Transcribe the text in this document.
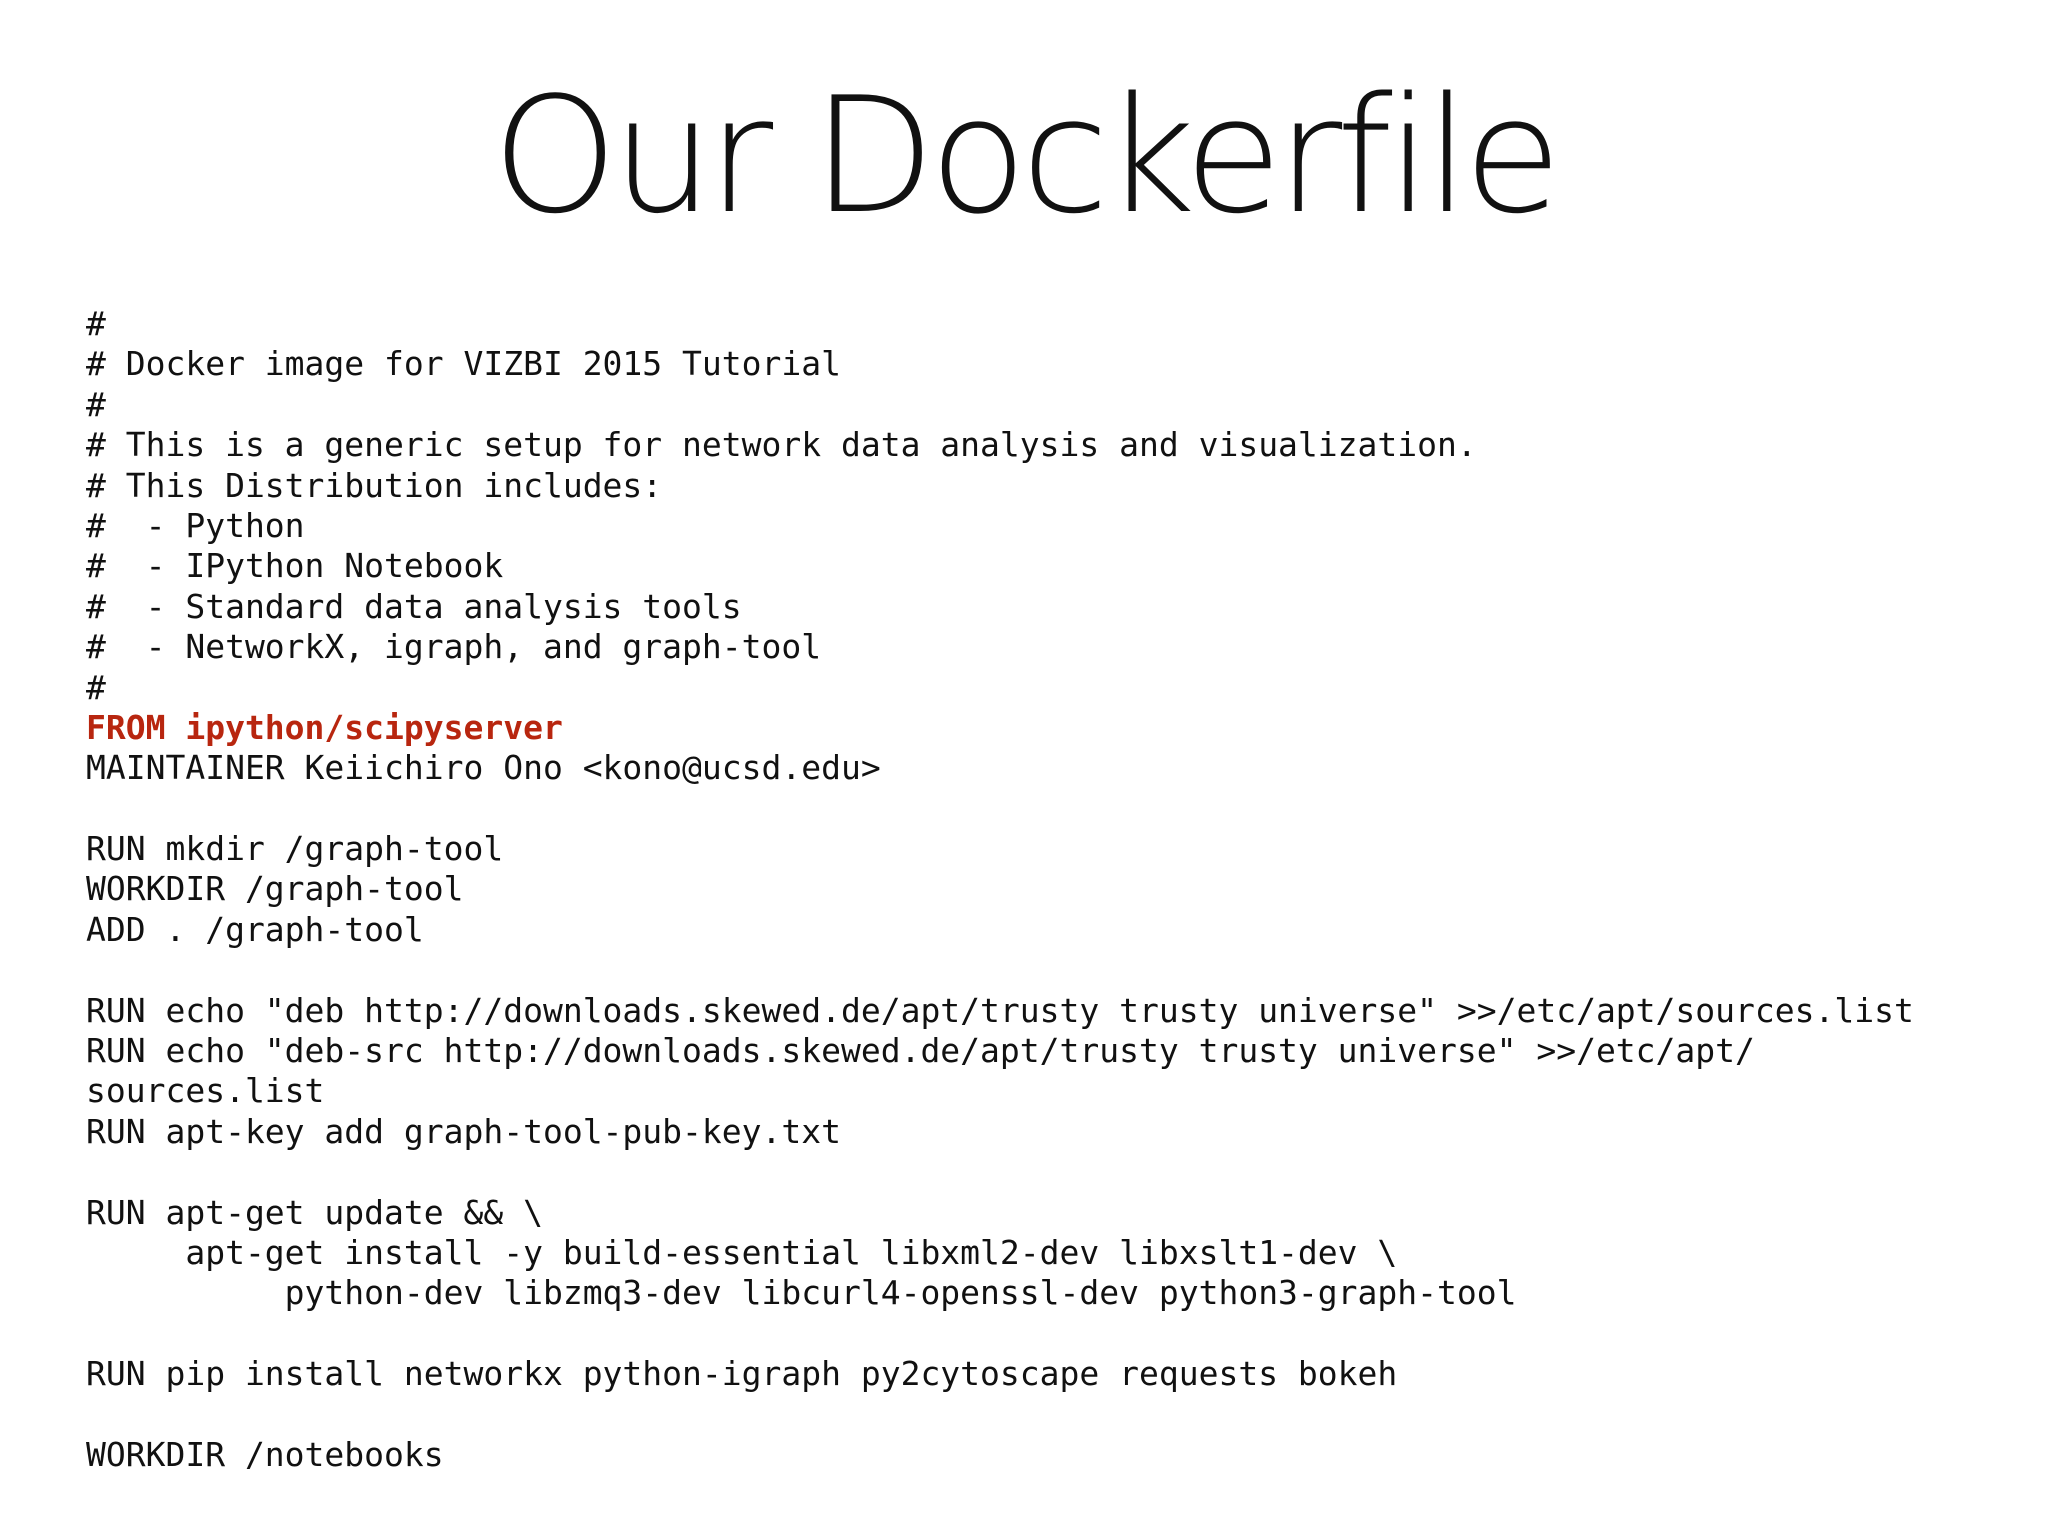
Our Dockerfile
#
# Docker image for VIZBI 2015 Tutorial
#
# This is a generic setup for network data analysis and visualization.
# This Distribution includes:
#  - Python
#  - IPython Notebook
#  - Standard data analysis tools
#  - NetworkX, igraph, and graph-tool
#
FROM ipython/scipyserver
MAINTAINER Keiichiro Ono <kono@ucsd.edu>
RUN mkdir /graph-tool
WORKDIR /graph-tool
ADD . /graph-tool
RUN echo "deb http://downloads.skewed.de/apt/trusty trusty universe" >>/etc/apt/sources.list
RUN echo "deb-src http://downloads.skewed.de/apt/trusty trusty universe" >>/etc/apt/
sources.list
RUN apt-key add graph-tool-pub-key.txt
RUN apt-get update && \
apt-get install -y build-essential libxml2-dev libxslt1-dev \
python-dev libzmq3-dev libcurl4-openssl-dev python3-graph-tool
RUN pip install networkx python-igraph py2cytoscape requests bokeh
WORKDIR /notebooks
